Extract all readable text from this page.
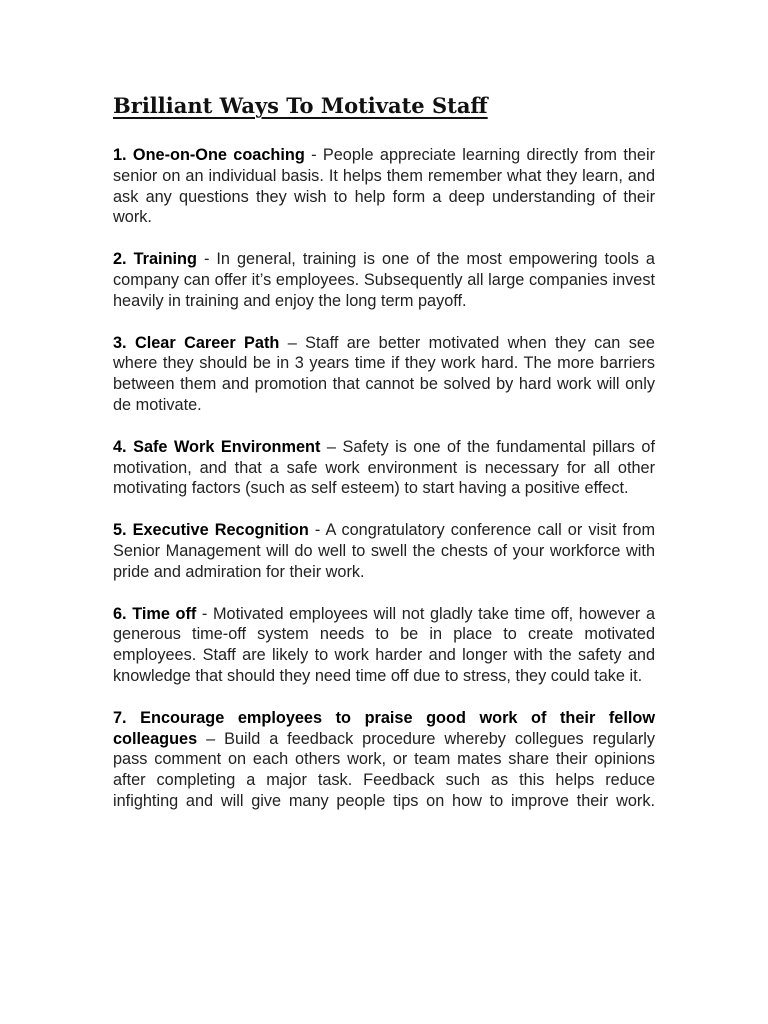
Brilliant Ways To Motivate Staff

1. One-on-One coaching - People appreciate learning directly from their senior on an individual basis. It helps them remember what they learn, and ask any questions they wish to help form a deep understanding of their work.

2. Training - In general, training is one of the most empowering tools a company can offer it’s employees. Subsequently all large companies invest heavily in training and enjoy the long term payoff.

3. Clear Career Path – Staff are better motivated when they can see where they should be in 3 years time if they work hard. The more barriers between them and promotion that cannot be solved by hard work will only de motivate.

4. Safe Work Environment – Safety is one of the fundamental pillars of motivation, and that a safe work environment is necessary for all other motivating factors (such as self esteem) to start having a positive effect.

5. Executive Recognition - A congratulatory conference call or visit from Senior Management will do well to swell the chests of your workforce with pride and admiration for their work.

6. Time off - Motivated employees will not gladly take time off, however a generous time-off system needs to be in place to create motivated employees. Staff are likely to work harder and longer with the safety and knowledge that should they need time off due to stress, they could take it.

7. Encourage employees to praise good work of their fellow colleagues – Build a feedback procedure whereby collegues regularly pass comment on each others work, or team mates share their opinions after completing a major task. Feedback such as this helps reduce infighting and will give many people tips on how to improve their work.
